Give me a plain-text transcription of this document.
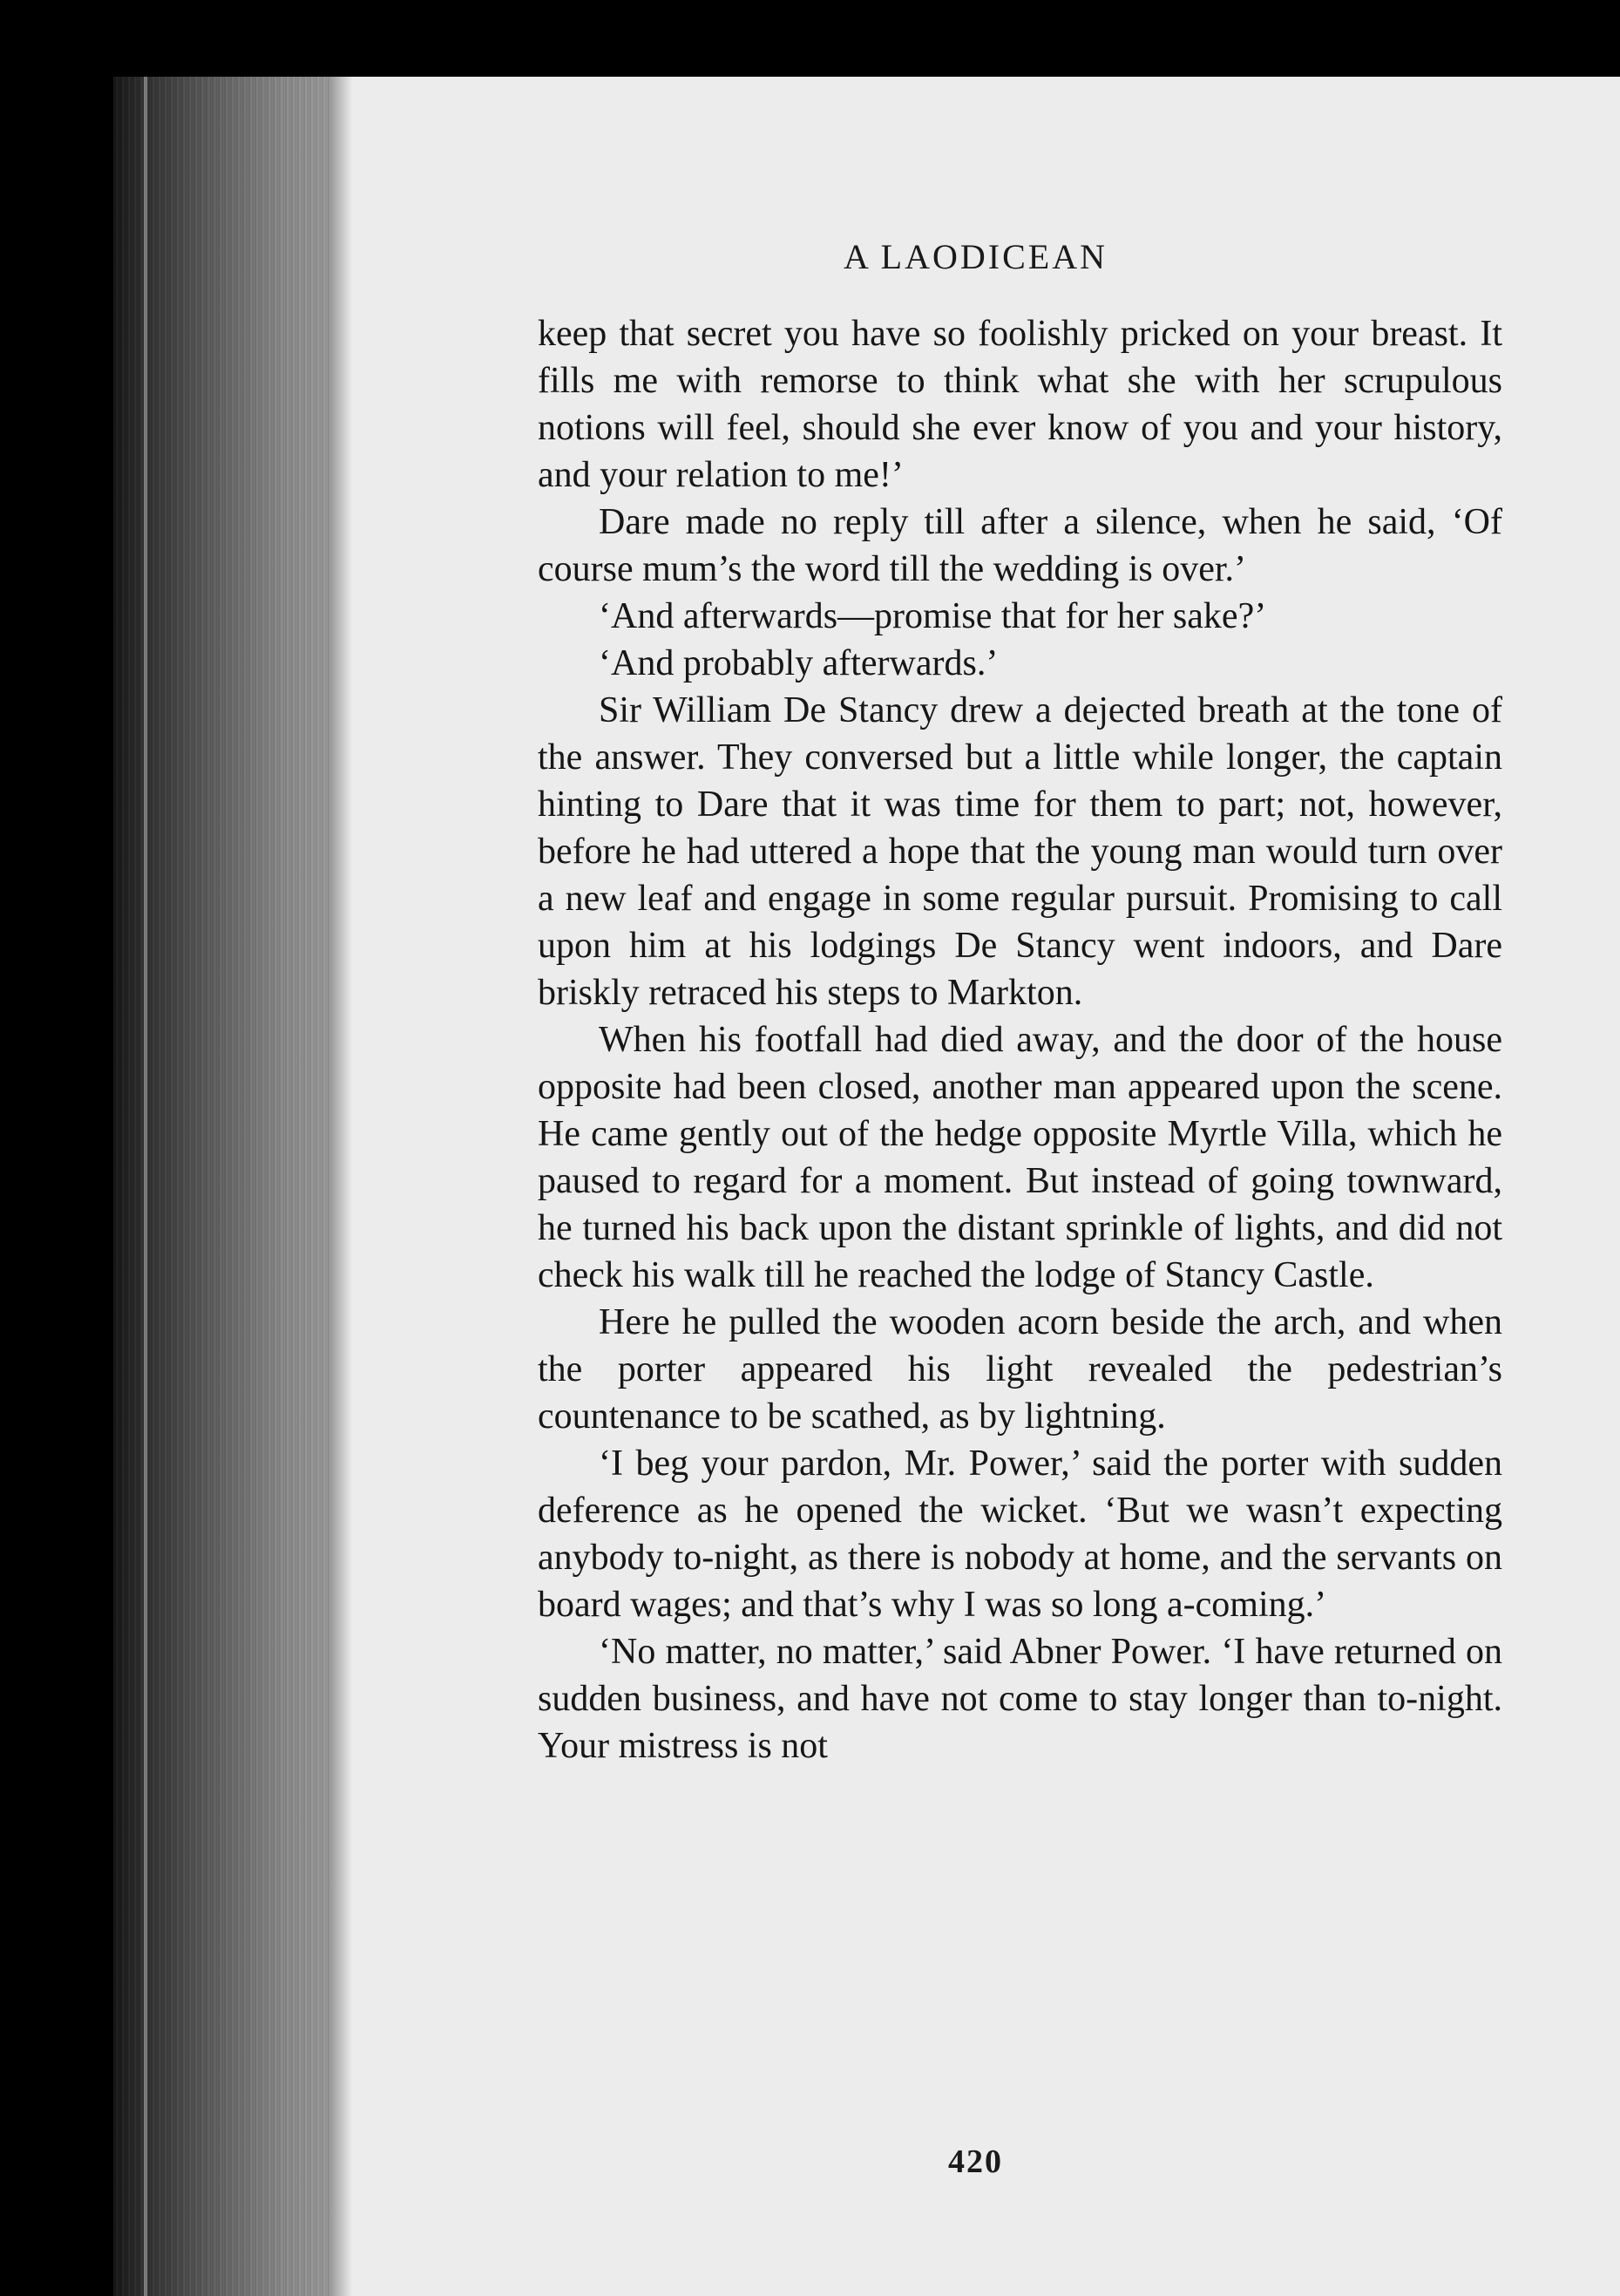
A LAODICEAN

keep that secret you have so foolishly pricked on your breast. It fills me with remorse to think what she with her scrupulous notions will feel, should she ever know of you and your history, and your relation to me!’

Dare made no reply till after a silence, when he said, ‘Of course mum’s the word till the wedding is over.’

‘And afterwards—promise that for her sake?’

‘And probably afterwards.’

Sir William De Stancy drew a dejected breath at the tone of the answer. They conversed but a little while longer, the captain hinting to Dare that it was time for them to part; not, however, before he had uttered a hope that the young man would turn over a new leaf and engage in some regular pursuit. Promising to call upon him at his lodgings De Stancy went indoors, and Dare briskly retraced his steps to Markton.

When his footfall had died away, and the door of the house opposite had been closed, another man appeared upon the scene. He came gently out of the hedge opposite Myrtle Villa, which he paused to regard for a moment. But instead of going townward, he turned his back upon the distant sprinkle of lights, and did not check his walk till he reached the lodge of Stancy Castle.

Here he pulled the wooden acorn beside the arch, and when the porter appeared his light revealed the pedestrian’s countenance to be scathed, as by lightning.

‘I beg your pardon, Mr. Power,’ said the porter with sudden deference as he opened the wicket. ‘But we wasn’t expecting anybody to-night, as there is nobody at home, and the servants on board wages; and that’s why I was so long a-coming.’

‘No matter, no matter,’ said Abner Power. ‘I have returned on sudden business, and have not come to stay longer than to-night. Your mistress is not

420
